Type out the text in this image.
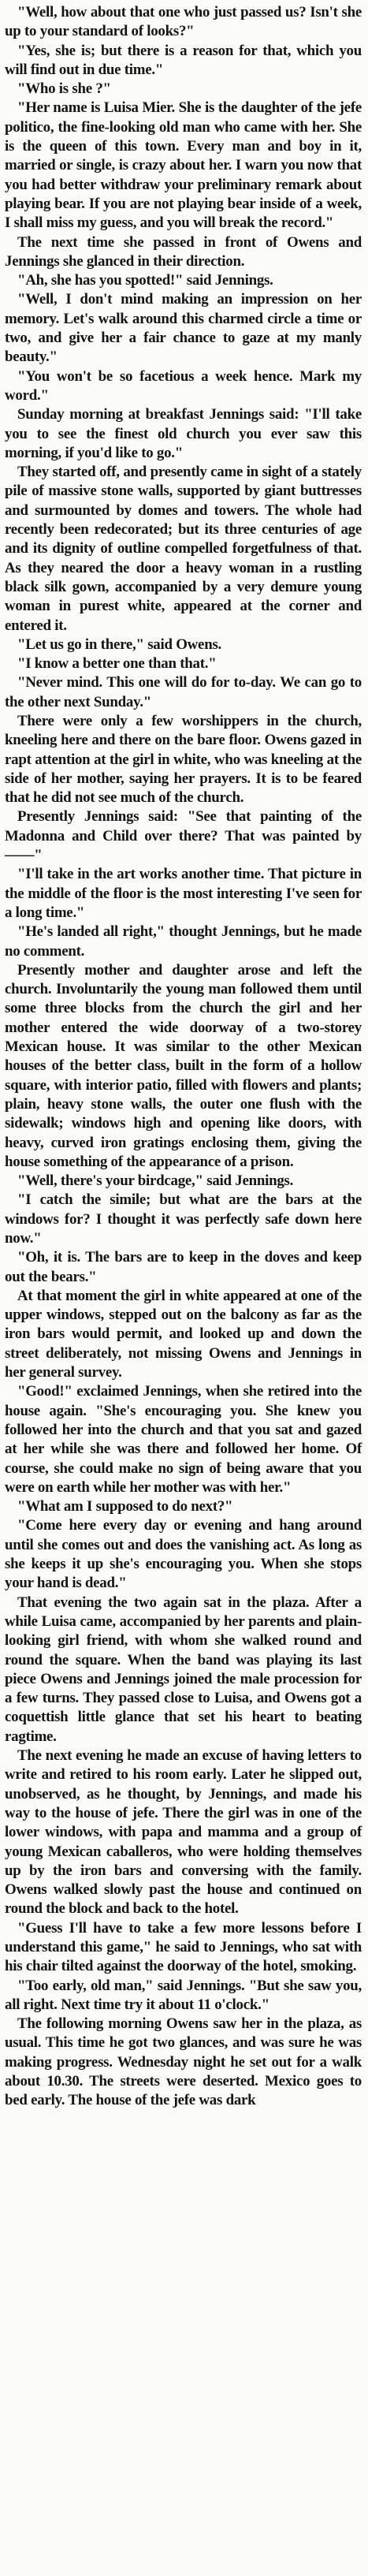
"Well, how about that one who just passed us? Isn't she up to your standard of looks?"

"Yes, she is; but there is a reason for that, which you will find out in due time."

"Who is she ?"

"Her name is Luisa Mier. She is the daughter of the jefe politico, the fine-looking old man who came with her. She is the queen of this town. Every man and boy in it, married or single, is crazy about her. I warn you now that you had better withdraw your preliminary remark about playing bear. If you are not playing bear inside of a week, I shall miss my guess, and you will break the record."

The next time she passed in front of Owens and Jennings she glanced in their direction.

"Ah, she has you spotted!" said Jennings.

"Well, I don't mind making an impression on her memory. Let's walk around this charmed circle a time or two, and give her a fair chance to gaze at my manly beauty."

"You won't be so facetious a week hence. Mark my word."

Sunday morning at breakfast Jennings said: "I'll take you to see the finest old church you ever saw this morning, if you'd like to go."

They started off, and presently came in sight of a stately pile of massive stone walls, supported by giant buttresses and surmounted by domes and towers. The whole had recently been redecorated; but its three centuries of age and its dignity of outline compelled forgetfulness of that. As they neared the door a heavy woman in a rustling black silk gown, accompanied by a very demure young woman in purest white, appeared at the corner and entered it.

"Let us go in there," said Owens.

"I know a better one than that."

"Never mind. This one will do for to-day. We can go to the other next Sunday."

There were only a few worshippers in the church, kneeling here and there on the bare floor. Owens gazed in rapt attention at the girl in white, who was kneeling at the side of her mother, saying her prayers. It is to be feared that he did not see much of the church.

Presently Jennings said: "See that painting of the Madonna and Child over there? That was painted by——"

"I'll take in the art works another time. That picture in the middle of the floor is the most interesting I've seen for a long time."

"He's landed all right," thought Jennings, but he made no comment.

Presently mother and daughter arose and left the church. Involuntarily the young man followed them until some three blocks from the church the girl and her mother entered the wide doorway of a two-storey Mexican house. It was similar to the other Mexican houses of the better class, built in the form of a hollow square, with interior patio, filled with flowers and plants; plain, heavy stone walls, the outer one flush with the sidewalk; windows high and opening like doors, with heavy, curved iron gratings enclosing them, giving the house something of the appearance of a prison.

"Well, there's your birdcage," said Jennings.

"I catch the simile; but what are the bars at the windows for? I thought it was perfectly safe down here now."

"Oh, it is. The bars are to keep in the doves and keep out the bears."

At that moment the girl in white appeared at one of the upper windows, stepped out on the balcony as far as the iron bars would permit, and looked up and down the street deliberately, not missing Owens and Jennings in her general survey.

"Good!" exclaimed Jennings, when she retired into the house again. "She's encouraging you. She knew you followed her into the church and that you sat and gazed at her while she was there and followed her home. Of course, she could make no sign of being aware that you were on earth while her mother was with her."

"What am I supposed to do next?"

"Come here every day or evening and hang around until she comes out and does the vanishing act. As long as she keeps it up she's encouraging you. When she stops your hand is dead."

That evening the two again sat in the plaza. After a while Luisa came, accompanied by her parents and plain-looking girl friend, with whom she walked round and round the square. When the band was playing its last piece Owens and Jennings joined the male procession for a few turns. They passed close to Luisa, and Owens got a coquettish little glance that set his heart to beating ragtime.

The next evening he made an excuse of having letters to write and retired to his room early. Later he slipped out, unobserved, as he thought, by Jennings, and made his way to the house of jefe. There the girl was in one of the lower windows, with papa and mamma and a group of young Mexican caballeros, who were holding themselves up by the iron bars and conversing with the family. Owens walked slowly past the house and continued on round the block and back to the hotel.

"Guess I'll have to take a few more lessons before I understand this game," he said to Jennings, who sat with his chair tilted against the doorway of the hotel, smoking.

"Too early, old man," said Jennings. "But she saw you, all right. Next time try it about 11 o'clock."

The following morning Owens saw her in the plaza, as usual. This time he got two glances, and was sure he was making progress. Wednesday night he set out for a walk about 10.30. The streets were deserted. Mexico goes to bed early. The house of the jefe was dark
